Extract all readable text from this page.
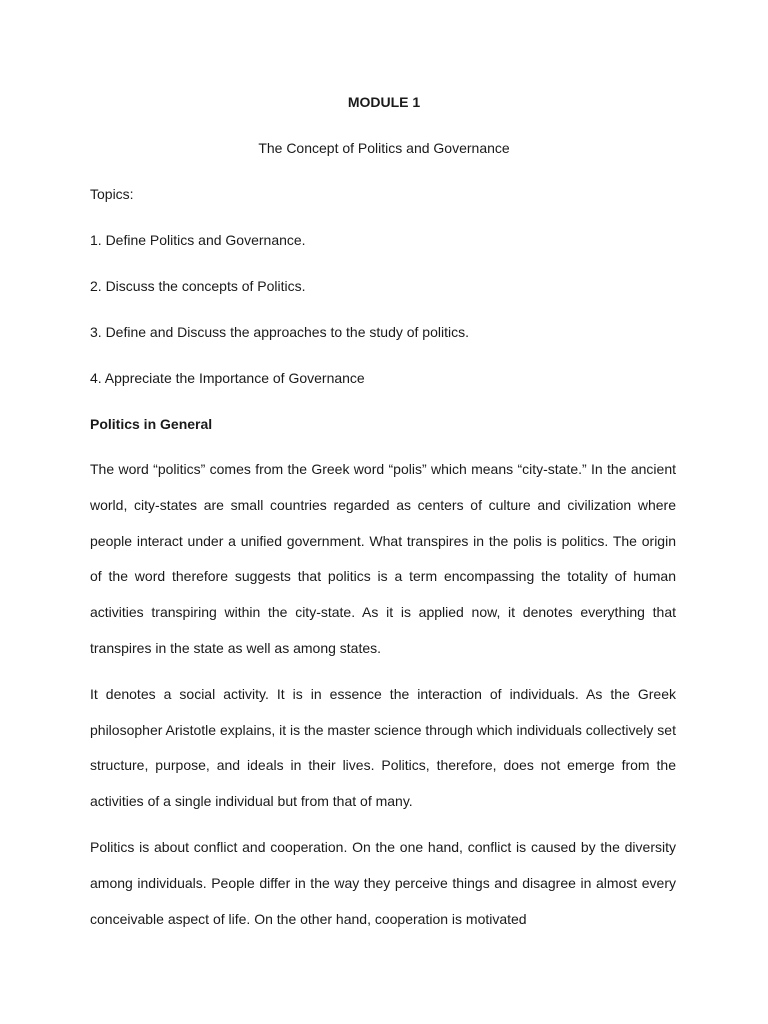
MODULE 1
The Concept of Politics and Governance

Topics:

1. Define Politics and Governance.

2. Discuss the concepts of Politics.

3. Define and Discuss the approaches to the study of politics.

4. Appreciate the Importance of Governance

Politics in General

The word “politics” comes from the Greek word “polis” which means “city-state.” In the ancient world, city-states are small countries regarded as centers of culture and civilization where people interact under a unified government. What transpires in the polis is politics. The origin of the word therefore suggests that politics is a term encompassing the totality of human activities transpiring within the city-state. As it is applied now, it denotes everything that transpires in the state as well as among states.

It denotes a social activity. It is in essence the interaction of individuals. As the Greek philosopher Aristotle explains, it is the master science through which individuals collectively set structure, purpose, and ideals in their lives. Politics, therefore, does not emerge from the activities of a single individual but from that of many.

Politics is about conflict and cooperation. On the one hand, conflict is caused by the diversity among individuals. People differ in the way they perceive things and disagree in almost every conceivable aspect of life. On the other hand, cooperation is motivated
